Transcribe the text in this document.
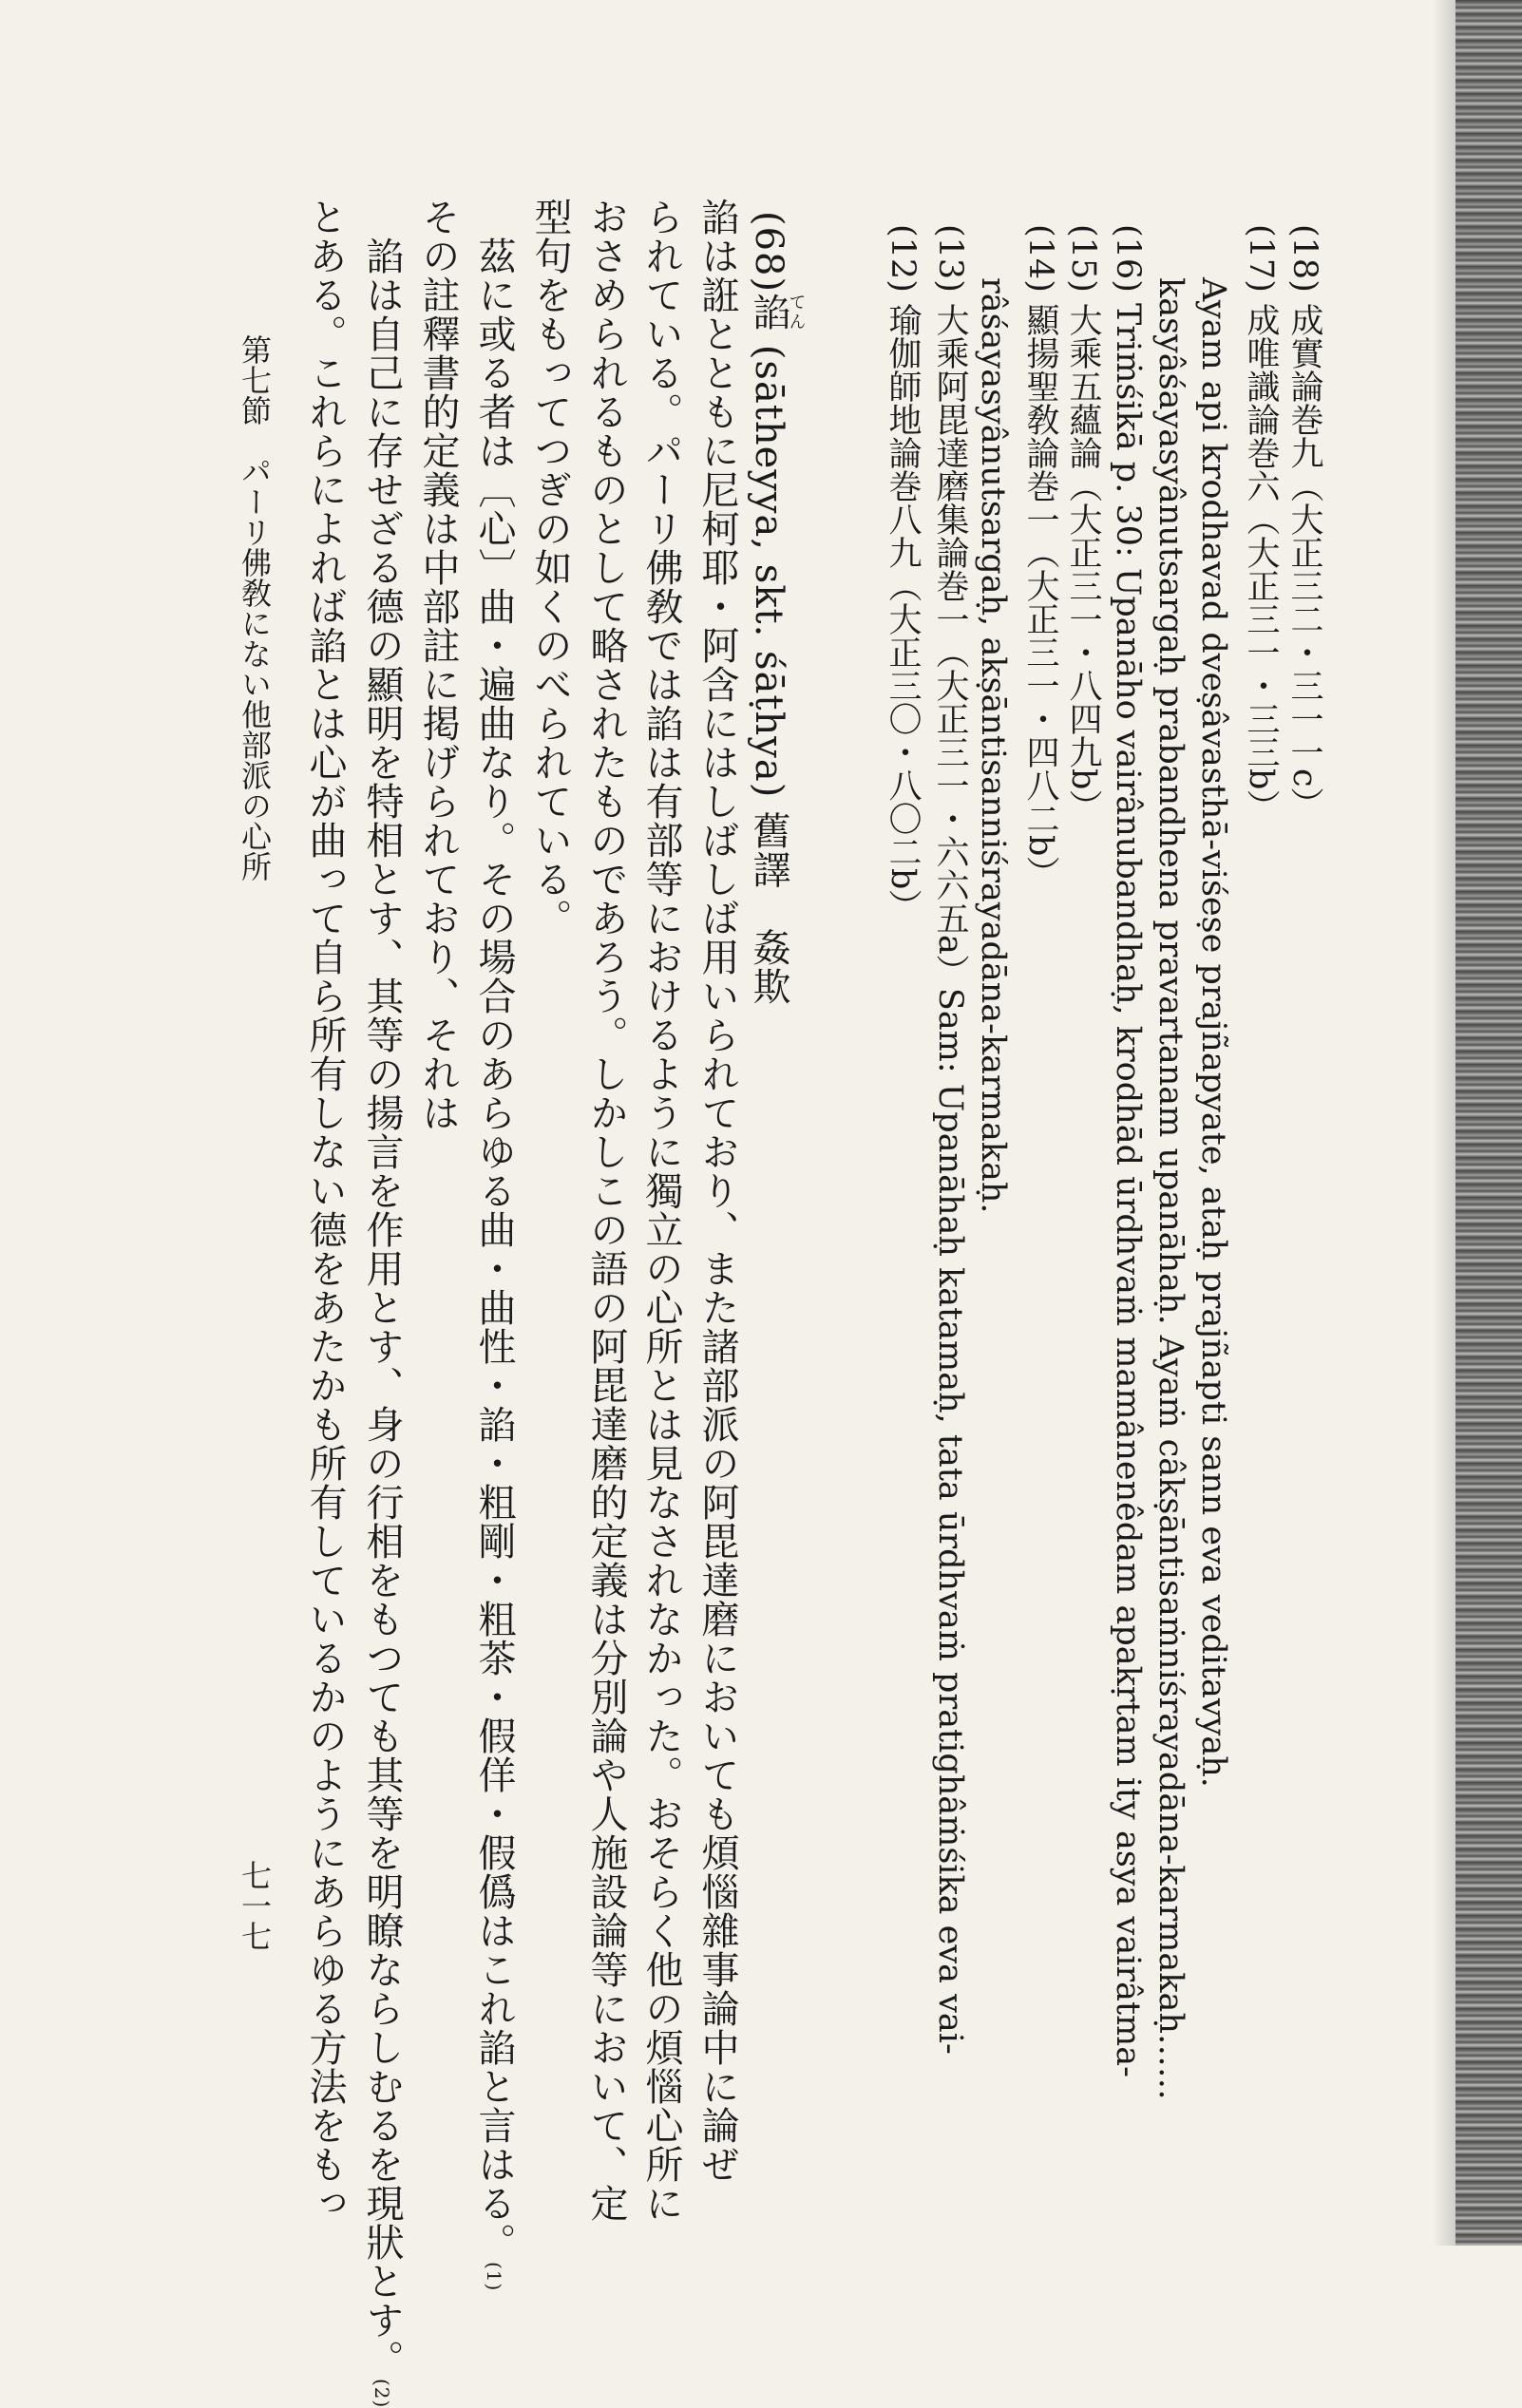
(12) 瑜伽師地論巻八九（大正三〇・八〇二b） (13) 大乘阿毘達磨集論巻一（大正三一・六六五a）Sam: Upanāhaḥ katamaḥ, tata ūrdhvaṁ pratighâṁśika eva vai- râśayasyânutsargaḥ, akṣāntisanniśrayadāna-karmakaḥ. (14) 顯揚聖敎論巻一（大正三一・四八二b） (15) 大乘五蘊論（大正三一・八四九b） (16) Triṁśikā p. 30: Upanāho vairânubandhaḥ, krodhād ūrdhvaṁ mamânenêdam apakṛtam ity asya vairâtma- kasyâśayasyânutsargaḥ prabandhena pravartanam upanāhaḥ. Ayaṁ câkṣāntisaṁniśrayadāna-karmakaḥ…… Ayam api krodhavad dveṣâvasthā-viśeṣe prajñapyate, ataḥ prajñapti sann eva veditavyaḥ. (17) 成唯識論巻六（大正三一・三三b） (18) 成實論巻九（大正三二・三一一c）
(68)諂てん (sātheyya, skt. śāṭhya) 舊譯　姦欺
諂は誑とともに尼柯耶・阿含にはしばしば用いられており、また諸部派の阿毘達磨においても煩惱雜事論中に論ぜ
られている。パーリ佛敎では諂は有部等におけるように獨立の心所とは見なされなかった。おそらく他の煩惱心所に
おさめられるものとして略されたものであろう。しかしこの語の阿毘達磨的定義は分別論や人施設論等において、定
型句をもってつぎの如くのべられている。
　茲に或る者は〔心〕曲・遍曲なり。その場合のあらゆる曲・曲性・諂・粗剛・粗茶・假佯・假僞はこれ諂と言はる。(1)
その註釋書的定義は中部註に掲げられており、それは
　諂は自己に存せざる德の顯明を特相とす、其等の揚言を作用とす、身の行相をもつても其等を明瞭ならしむるを現狀とす。(2)
とある。これらによれば諂とは心が曲って自ら所有しない德をあたかも所有しているかのようにあらゆる方法をもっ
第七節　パーリ佛敎にない他部派の心所
七一七
